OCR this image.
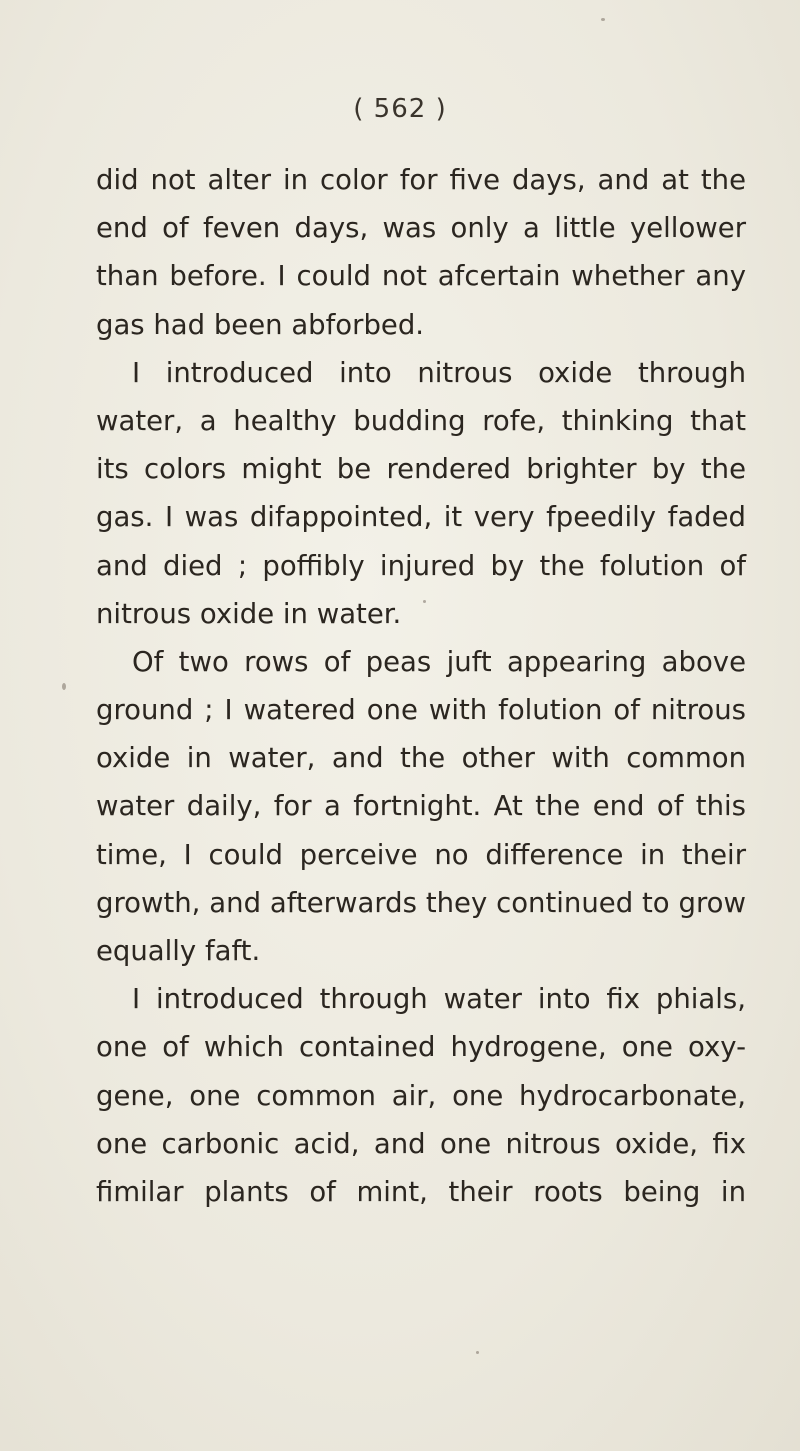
( 562 )
did not alter in color for five days, and at the
end of feven days, was only a little yellower
than before. I could not afcertain whether any
gas had been abforbed.
I introduced into nitrous oxide through
water, a healthy budding rofe, thinking that
its colors might be rendered brighter by the
gas. I was difappointed, it very fpeedily faded
and died ; poffibly injured by the folution of
nitrous oxide in water.
Of two rows of peas juft appearing above
ground ; I watered one with folution of nitrous
oxide in water, and the other with common
water daily, for a fortnight. At the end of this
time, I could perceive no difference in their
growth, and afterwards they continued to grow
equally faft.
I introduced through water into fix phials,
one of which contained hydrogene, one oxy-
gene, one common air, one hydrocarbonate,
one carbonic acid, and one nitrous oxide, fix
fimilar plants of mint, their roots being in
